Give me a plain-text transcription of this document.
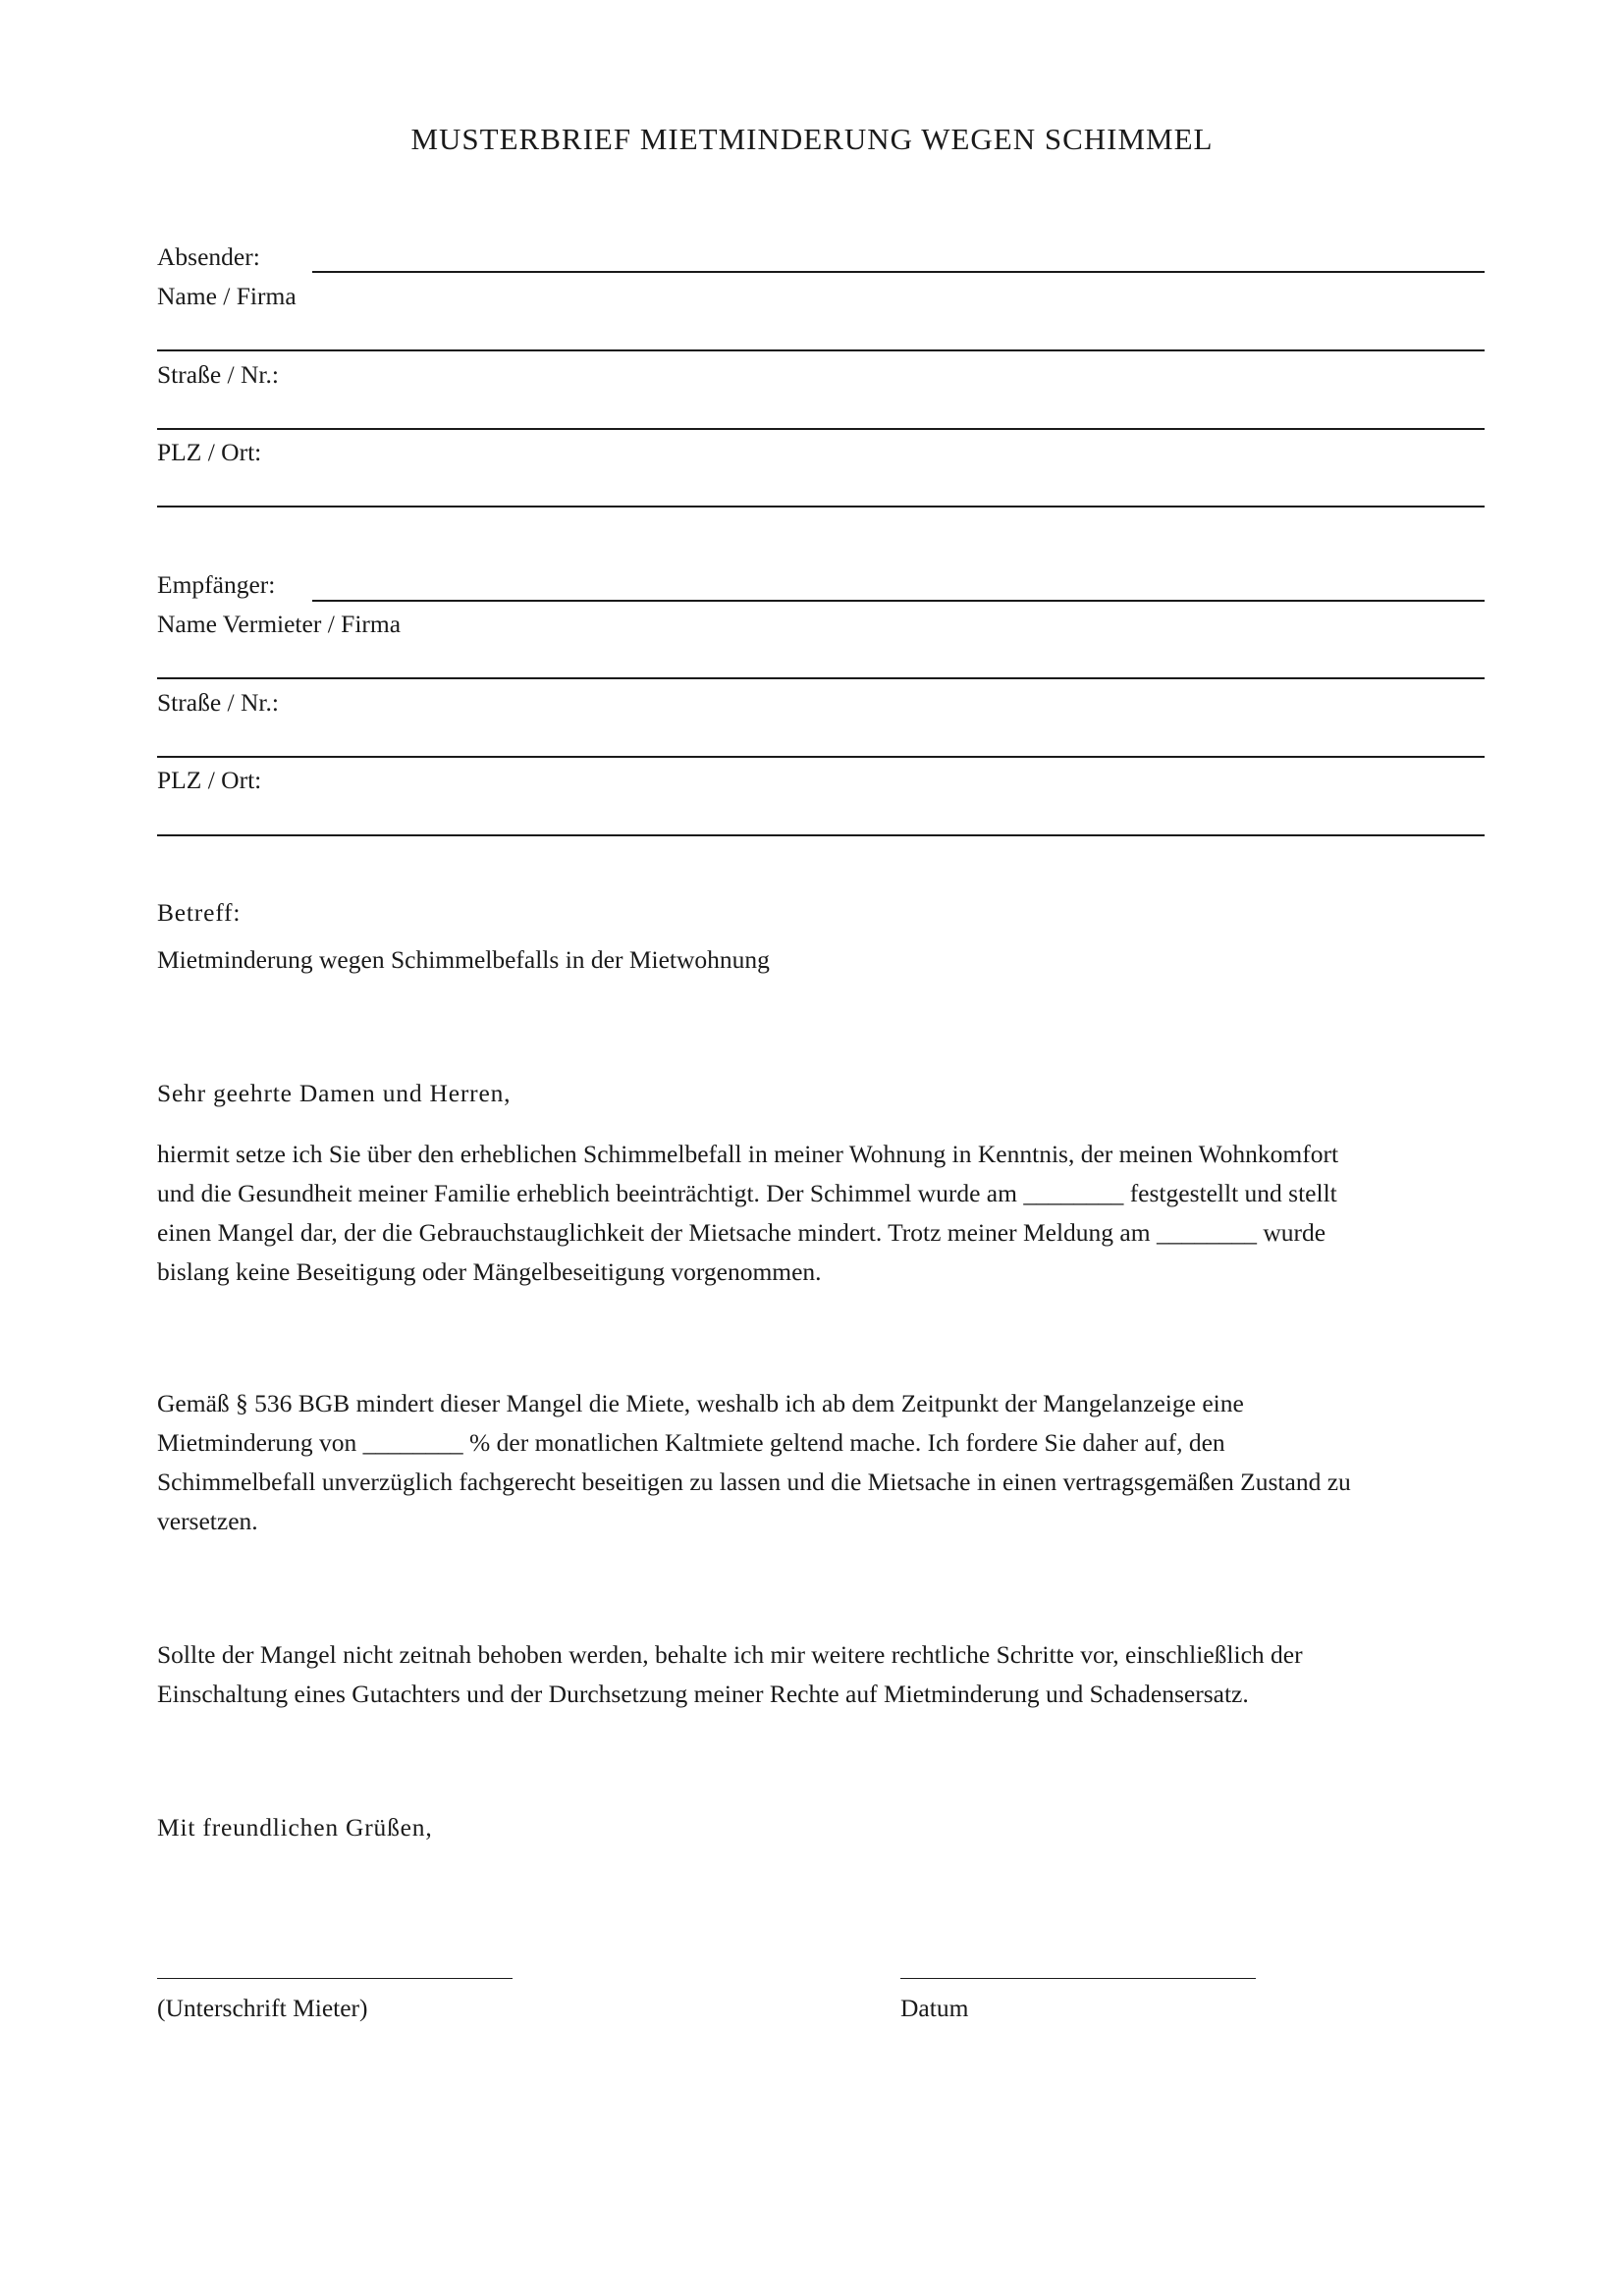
MUSTERBRIEF MIETMINDERUNG WEGEN SCHIMMEL
Absender:
Name / Firma
Straße / Nr.:
PLZ / Ort:
Empfänger:
Name Vermieter / Firma
Straße / Nr.:
PLZ / Ort:
Betreff:
Mietminderung wegen Schimmelbefalls in der Mietwohnung
Sehr geehrte Damen und Herren,
hiermit setze ich Sie über den erheblichen Schimmelbefall in meiner Wohnung in Kenntnis, der meinen Wohnkomfort
und die Gesundheit meiner Familie erheblich beeinträchtigt. Der Schimmel wurde am ________ festgestellt und stellt
einen Mangel dar, der die Gebrauchstauglichkeit der Mietsache mindert. Trotz meiner Meldung am ________ wurde
bislang keine Beseitigung oder Mängelbeseitigung vorgenommen.
Gemäß § 536 BGB mindert dieser Mangel die Miete, weshalb ich ab dem Zeitpunkt der Mangelanzeige eine
Mietminderung von ________ % der monatlichen Kaltmiete geltend mache. Ich fordere Sie daher auf, den
Schimmelbefall unverzüglich fachgerecht beseitigen zu lassen und die Mietsache in einen vertragsgemäßen Zustand zu
versetzen.
Sollte der Mangel nicht zeitnah behoben werden, behalte ich mir weitere rechtliche Schritte vor, einschließlich der
Einschaltung eines Gutachters und der Durchsetzung meiner Rechte auf Mietminderung und Schadensersatz.
Mit freundlichen Grüßen,
(Unterschrift Mieter)	Datum
